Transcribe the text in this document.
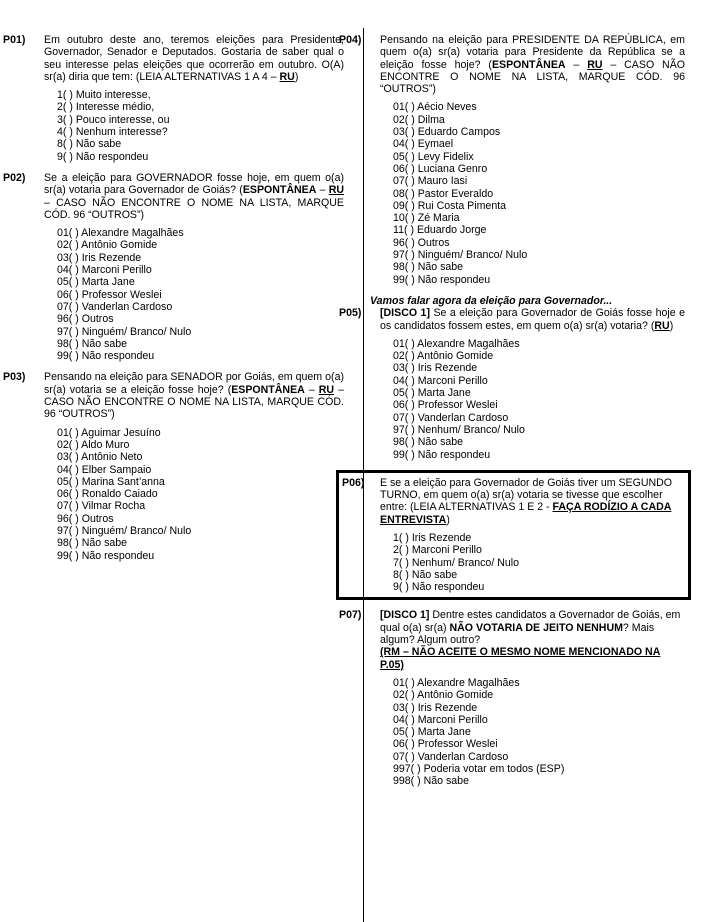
P01)	Em outubro deste ano, teremos eleições para Presidente, Governador, Senador e Deputados. Gostaria de saber qual o seu interesse pelas eleições que ocorrerão em outubro. O(A) sr(a) diria que tem: (LEIA ALTERNATIVAS 1 A 4 – RU)

1( ) Muito interesse,
2( ) Interesse médio,
3( ) Pouco interesse, ou
4( ) Nenhum interesse?
8( ) Não sabe
9( ) Não respondeu
P02)	Se a eleição para GOVERNADOR fosse hoje, em quem o(a) sr(a) votaria para Governador de Goiás? (ESPONTÂNEA – RU – CASO NÃO ENCONTRE O NOME NA LISTA, MARQUE CÓD. 96 “OUTROS”)

01( ) Alexandre Magalhães
02( ) Antônio Gomide
03( ) Iris Rezende
04( ) Marconi Perillo
05( ) Marta Jane
06( ) Professor Weslei
07( ) Vanderlan Cardoso
96( ) Outros
97( ) Ninguém/ Branco/ Nulo
98( ) Não sabe
99( ) Não respondeu
P03)	Pensando na eleição para SENADOR por Goiás, em quem o(a) sr(a) votaria se a eleição fosse hoje? (ESPONTÂNEA – RU – CASO NÃO ENCONTRE O NOME NA LISTA, MARQUE CÓD. 96 “OUTROS”)

01( ) Aguimar Jesuíno
02( ) Aldo Muro
03( ) Antônio Neto
04( ) Elber Sampaio
05( ) Marina Sant’anna
06( ) Ronaldo Caiado
07( ) Vilmar Rocha
96( ) Outros
97( ) Ninguém/ Branco/ Nulo
98( ) Não sabe
99( ) Não respondeu
P04)	Pensando na eleição para PRESIDENTE DA REPÚBLICA, em quem o(a) sr(a) votaria para Presidente da República se a eleição fosse hoje? (ESPONTÂNEA – RU – CASO NÃO ENCONTRE O NOME NA LISTA, MARQUE CÓD. 96 “OUTROS”)

01( ) Aécio Neves
02( ) Dilma
03( ) Eduardo Campos
04( ) Eymael
05( ) Levy Fidelix
06( ) Luciana Genro
07( ) Mauro Iasi
08( ) Pastor Everaldo
09( ) Rui Costa Pimenta
10( ) Zé Maria
11( ) Eduardo Jorge
96( ) Outros
97( ) Ninguém/ Branco/ Nulo
98( ) Não sabe
99( ) Não respondeu
Vamos falar agora da eleição para Governador...
P05)	[DISCO 1] Se a eleição para Governador de Goiás fosse hoje e os candidatos fossem estes, em quem o(a) sr(a) votaria? (RU)

01( ) Alexandre Magalhães
02( ) Antônio Gomide
03( ) Iris Rezende
04( ) Marconi Perillo
05( ) Marta Jane
06( ) Professor Weslei
07( ) Vanderlan Cardoso
97( ) Nenhum/ Branco/ Nulo
98( ) Não sabe
99( ) Não respondeu
P06)	E se a eleição para Governador de Goiás tiver um SEGUNDO TURNO, em quem o(a) sr(a) votaria se tivesse que escolher entre: (LEIA ALTERNATIVAS 1 E 2 - FAÇA RODÍZIO A CADA ENTREVISTA)

1( ) Iris Rezende
2( ) Marconi Perillo
7( ) Nenhum/ Branco/ Nulo
8( ) Não sabe
9( ) Não respondeu
P07)	[DISCO 1] Dentre estes candidatos a Governador de Goiás, em qual o(a) sr(a) NÃO VOTARIA DE JEITO NENHUM? Mais algum? Algum outro?
(RM – NÃO ACEITE O MESMO NOME MENCIONADO NA P.05)

01( ) Alexandre Magalhães
02( ) Antônio Gomide
03( ) Iris Rezende
04( ) Marconi Perillo
05( ) Marta Jane
06( ) Professor Weslei
07( ) Vanderlan Cardoso
997( ) Poderia votar em todos (ESP)
998( ) Não sabe
